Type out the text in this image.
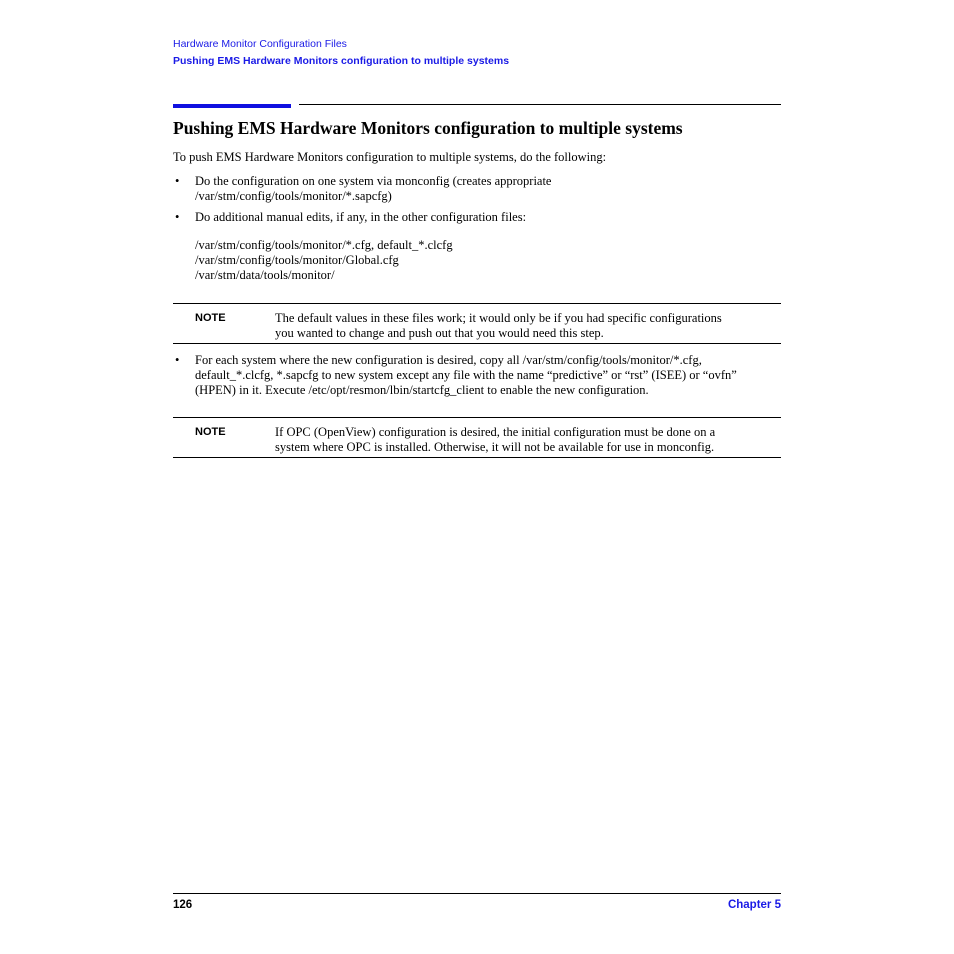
Hardware Monitor Configuration Files
Pushing EMS Hardware Monitors configuration to multiple systems
Pushing EMS Hardware Monitors configuration to multiple systems
To push EMS Hardware Monitors configuration to multiple systems, do the following:
• Do the configuration on one system via monconfig (creates appropriate
/var/stm/config/tools/monitor/*.sapcfg)
• Do additional manual edits, if any, in the other configuration files:
/var/stm/config/tools/monitor/*.cfg, default_*.clcfg
/var/stm/config/tools/monitor/Global.cfg
/var/stm/data/tools/monitor/
NOTE	The default values in these files work; it would only be if you had specific configurations
you wanted to change and push out that you would need this step.
• For each system where the new configuration is desired, copy all /var/stm/config/tools/monitor/*.cfg,
default_*.clcfg, *.sapcfg to new system except any file with the name “predictive” or “rst” (ISEE) or “ovfn”
(HPEN) in it. Execute /etc/opt/resmon/lbin/startcfg_client to enable the new configuration.
NOTE	If OPC (OpenView) configuration is desired, the initial configuration must be done on a
system where OPC is installed. Otherwise, it will not be available for use in monconfig.
126	Chapter 5
